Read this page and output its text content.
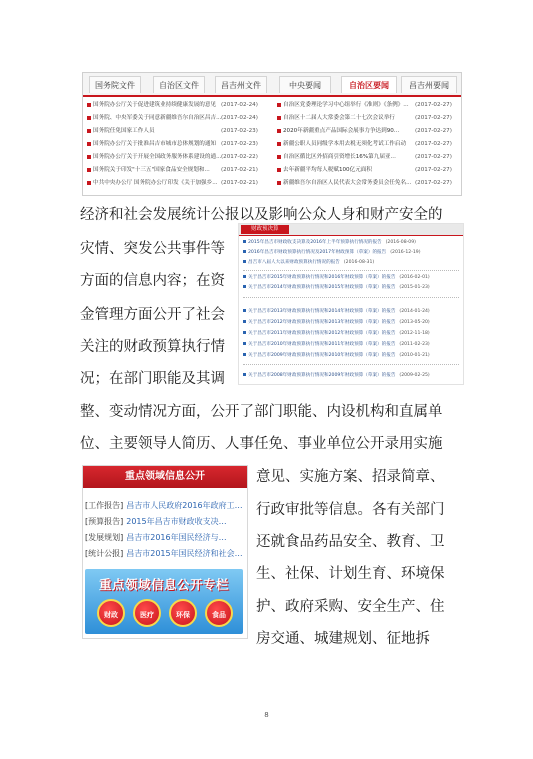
国务院文件	自治区文件	昌吉州文件	中央要闻	自治区要闻	昌吉州要闻
国务院办公厅关于促进建筑业持续健康发展的意见 (2017-02-24)
国务院、中央军委关于同意新疆维吾尔自治区昌吉...(2017-02-24)
国务院任免国家工作人员	(2017-02-23)
国务院办公厅关于批准昌吉市城市总体规划的通知 (2017-02-23)
国务院办公厅关于开展全国政务服务体系建设的通...(2017-02-22)
国务院关于印发"十三五"国家食品安全规划和... (2017-02-21)
中共中央办公厅 国务院办公厅印发《关于加强乡... (2017-02-21)
自治区党委理论学习中心组举行《准则》《条例》... (2017-02-27)
自治区十二届人大常委会第二十七次会议举行	(2017-02-27)
2020年新疆重点产品国际会展事力争达到90...	(2017-02-27)
新疆公职人员同级学本用去税无须化考试工作启动 (2017-02-27)
自治区循比区外招商引资增长16%第九届亚...	(2017-02-27)
去年新疆平均每人税赋100亿元面积	(2017-02-27)
新疆维吾尔自治区人民代表大会常务委员会任免名... (2017-02-27)
经济和社会发展统计公报以及影响公众人身和财产安全的
灾情、突发公共事件等
方面的信息内容；在资
金管理方面公开了社会
关注的财政预算执行情
况；在部门职能及其调
整、变动情况方面，公开了部门职能、内设机构和直属单
位、主要领导人简历、人事任免、事业单位公开录用实施
意见、实施方案、招录简章、
行政审批等信息。各有关部门
还就食品药品安全、教育、卫
生、社保、计划生育、环境保
护、政府采购、安全生产、住
房交通、城建规划、征地拆
财政预决算
2015年昌吉市财政收支决算及2016年上半年预算执行情况的报告 (2016-08-09)
2016年昌吉市财政预算执行情况及2017年财政预算（草案）的报告 (2016-12-19)
昌吉市八届人大以来财政预算执行情况的报告 (2016-08-31)
关于昌吉市2015年财政预算执行情况和2016年财政预算（草案）的报告 (2016-02-01)
关于昌吉市2014年财政预算执行情况和2015年财政预算（草案）的报告 (2015-01-23)
关于昌吉市2013年财政预算执行情况和2014年财政预算（草案）的报告 (2014-01-24)
关于昌吉市2012年财政预算执行情况和2013年财政预算（草案）的报告 (2013-05-20)
关于昌吉市2011年财政预算执行情况和2012年财政预算（草案）的报告 (2012-11-18)
关于昌吉市2010年财政预算执行情况和2011年财政预算（草案）的报告 (2011-02-23)
关于昌吉市2009年财政预算执行情况和2010年财政预算（草案）的报告 (2010-01-21)
关于昌吉市2008年财政预算执行情况和2009年财政预算（草案）的报告 (2009-02-25)
重点领域信息公开
[工作报告] 昌吉市人民政府2016年政府工…
[预算报告] 2015年昌吉市财政收支决…
[发展规划] 昌吉市2016年国民经济与…
[统计公报] 昌吉市2015年国民经济和社会…
重点领域信息公开专栏
财政	医疗	环保	食品
8
